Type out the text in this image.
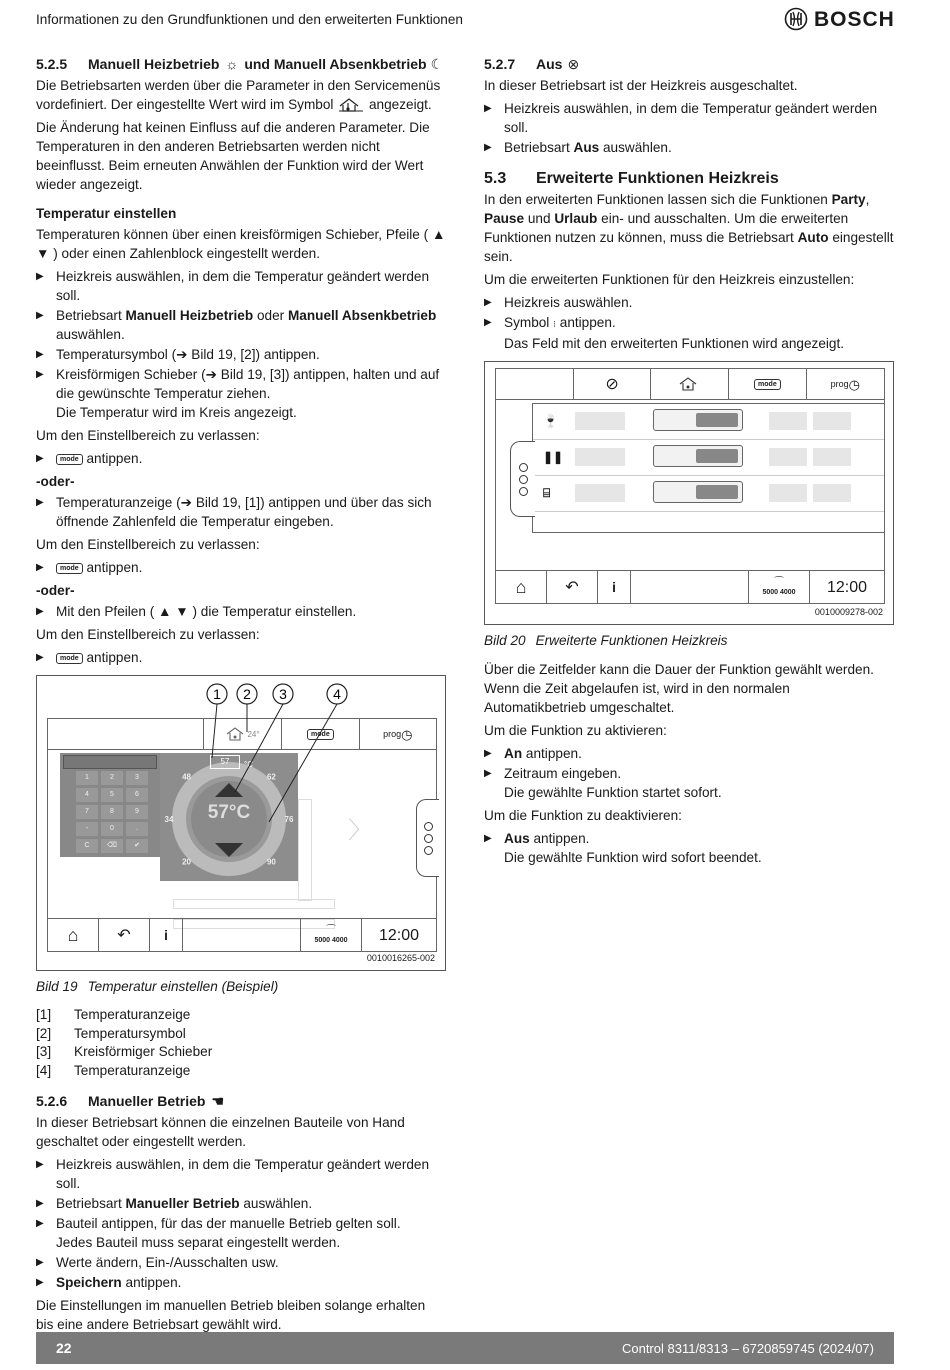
Informationen zu den Grundfunktionen und den erweiterten Funktionen	BOSCH
5.2.5	Manuell Heizbetrieb ☼ und Manuell Absenkbetrieb ☾

Die Betriebsarten werden über die Parameter in den Servicemenüs vordefiniert. Der eingestellte Wert wird im Symbol	angezeigt.

Die Änderung hat keinen Einfluss auf die anderen Parameter. Die Temperaturen in den anderen Betriebsarten werden nicht beeinflusst. Beim erneuten Anwählen der Funktion wird der Wert wieder angezeigt.

Temperatur einstellen

Temperaturen können über einen kreisförmigen Schieber, Pfeile ( ▲
▼ ) oder einen Zahlenblock eingestellt werden.

▶ Heizkreis auswählen, in dem die Temperatur geändert werden soll.
▶ Betriebsart Manuell Heizbetrieb oder Manuell Absenkbetrieb auswählen.
▶ Temperatursymbol (➔ Bild 19, [2]) antippen.
▶ Kreisförmigen Schieber (➔ Bild 19, [3]) antippen, halten und auf die gewünschte Temperatur ziehen.
Die Temperatur wird im Kreis angezeigt.

Um den Einstellbereich zu verlassen:

▶ mode antippen.
-oder-
▶ Temperaturanzeige (➔ Bild 19, [1]) antippen und über das sich öffnende Zahlenfeld die Temperatur eingeben.

Um den Einstellbereich zu verlassen:

▶ mode antippen.
-oder-
▶ Mit den Pfeilen ( ▲ ▼ ) die Temperatur einstellen.

Um den Einstellbereich zu verlassen:

▶ mode antippen.
24°	mode	prog ◷
〉
1	2	3
4	5	6
7	8	9
-	0	.
C	⌫	✔
48	62
34	76
20	90
57	°C
57°C
⌂ ↶ i	⌒
5000 4000	12:00
1 2 3	4
0010016265-002
Bild 19 Temperatur einstellen (Beispiel)
[1]	Temperaturanzeige
[2]	Temperatursymbol
[3]	Kreisförmiger Schieber
[4]	Temperaturanzeige
5.2.6	Manueller Betrieb ☚

In dieser Betriebsart können die einzelnen Bauteile von Hand geschaltet oder eingestellt werden.

▶ Heizkreis auswählen, in dem die Temperatur geändert werden soll.
▶ Betriebsart Manueller Betrieb auswählen.
▶ Bauteil antippen, für das der manuelle Betrieb gelten soll.
Jedes Bauteil muss separat eingestellt werden.
▶ Werte ändern, Ein-/Ausschalten usw.
▶ Speichern antippen.

Die Einstellungen im manuellen Betrieb bleiben solange erhalten bis eine andere Betriebsart gewählt wird.

5.2.7	Aus ⊗

In dieser Betriebsart ist der Heizkreis ausgeschaltet.

▶ Heizkreis auswählen, in dem die Temperatur geändert werden soll.
▶ Betriebsart Aus auswählen.
5.3	Erweiterte Funktionen Heizkreis

In den erweiterten Funktionen lassen sich die Funktionen Party, Pause und Urlaub ein- und ausschalten. Um die erweiterten Funktionen nutzen zu können, muss die Betriebsart Auto eingestellt sein.

Um die erweiterten Funktionen für den Heizkreis einzustellen:

▶ Heizkreis auswählen.
▶ Symbol ⁝ antippen.
Das Feld mit den erweiterten Funktionen wird angezeigt.
⊘	mode	prog ◷
🍷
❚❚
⌸
⌂ ↶ i	⌒
5000 4000	12:00
0010009278-002
Bild 20 Erweiterte Funktionen Heizkreis

Über die Zeitfelder kann die Dauer der Funktion gewählt werden. Wenn die Zeit abgelaufen ist, wird in den normalen Automatikbetrieb umgeschaltet.

Um die Funktion zu aktivieren:

▶ An antippen.
▶ Zeitraum eingeben.
Die gewählte Funktion startet sofort.

Um die Funktion zu deaktivieren:

▶ Aus antippen.
Die gewählte Funktion wird sofort beendet.
22	Control 8311/8313 – 6720859745 (2024/07)
